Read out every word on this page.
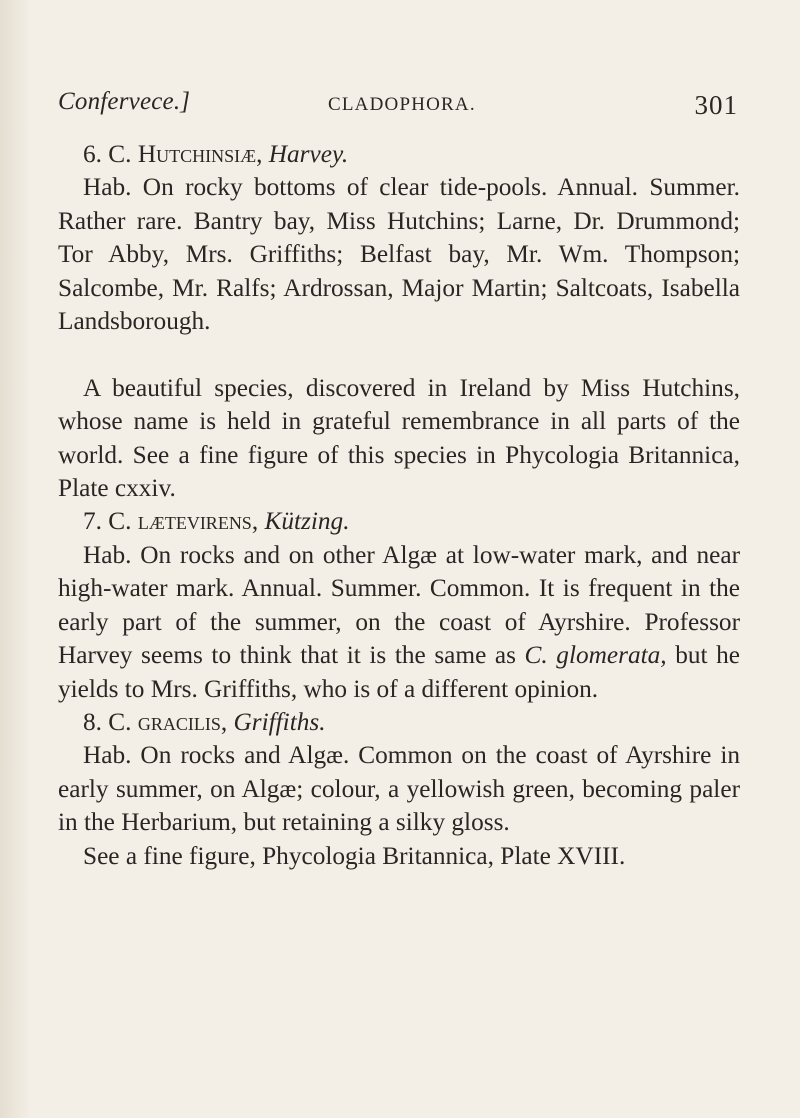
Confervece.]	CLADOPHORA.	301

6. C. Hutchinsiæ, Harvey.

Hab. On rocky bottoms of clear tide-pools. Annual. Summer. Rather rare. Bantry bay, Miss Hutchins; Larne, Dr. Drummond; Tor Abby, Mrs. Griffiths; Belfast bay, Mr. Wm. Thompson; Salcombe, Mr. Ralfs; Ardrossan, Major Martin; Saltcoats, Isabella Landsborough.

A beautiful species, discovered in Ireland by Miss Hutchins, whose name is held in grateful remembrance in all parts of the world. See a fine figure of this species in Phycologia Britannica, Plate cxxiv.

7. C. lætevirens, Kützing.

Hab. On rocks and on other Algæ at low-water mark, and near high-water mark. Annual. Summer. Common. It is frequent in the early part of the summer, on the coast of Ayrshire. Professor Harvey seems to think that it is the same as C. glomerata, but he yields to Mrs. Griffiths, who is of a different opinion.

8. C. gracilis, Griffiths.

Hab. On rocks and Algæ. Common on the coast of Ayrshire in early summer, on Algæ; colour, a yellowish green, becoming paler in the Herbarium, but retaining a silky gloss.

See a fine figure, Phycologia Britannica, Plate XVIII.
